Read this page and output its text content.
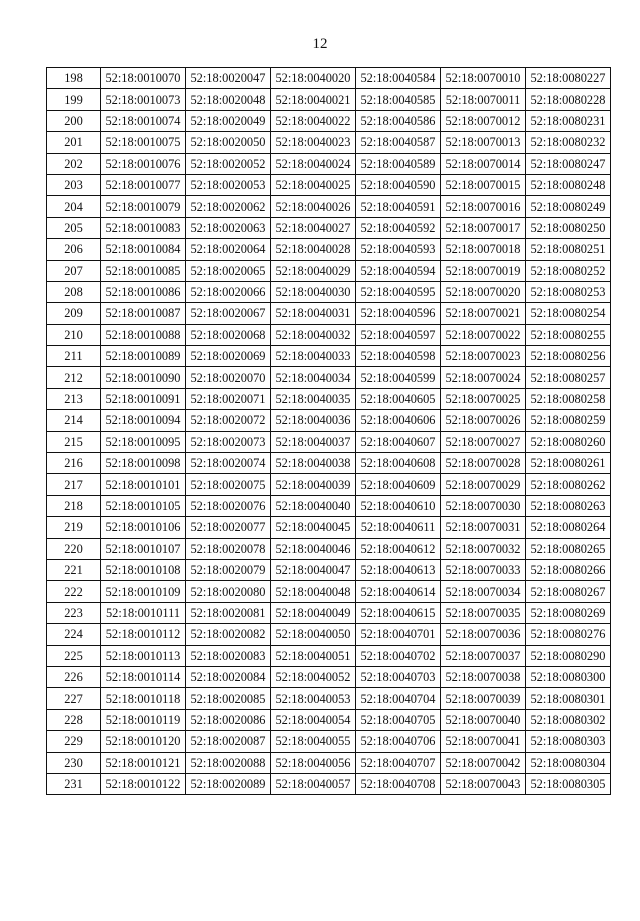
12
198	52:18:0010070	52:18:0020047	52:18:0040020	52:18:0040584	52:18:0070010	52:18:0080227
199	52:18:0010073	52:18:0020048	52:18:0040021	52:18:0040585	52:18:0070011	52:18:0080228
200	52:18:0010074	52:18:0020049	52:18:0040022	52:18:0040586	52:18:0070012	52:18:0080231
201	52:18:0010075	52:18:0020050	52:18:0040023	52:18:0040587	52:18:0070013	52:18:0080232
202	52:18:0010076	52:18:0020052	52:18:0040024	52:18:0040589	52:18:0070014	52:18:0080247
203	52:18:0010077	52:18:0020053	52:18:0040025	52:18:0040590	52:18:0070015	52:18:0080248
204	52:18:0010079	52:18:0020062	52:18:0040026	52:18:0040591	52:18:0070016	52:18:0080249
205	52:18:0010083	52:18:0020063	52:18:0040027	52:18:0040592	52:18:0070017	52:18:0080250
206	52:18:0010084	52:18:0020064	52:18:0040028	52:18:0040593	52:18:0070018	52:18:0080251
207	52:18:0010085	52:18:0020065	52:18:0040029	52:18:0040594	52:18:0070019	52:18:0080252
208	52:18:0010086	52:18:0020066	52:18:0040030	52:18:0040595	52:18:0070020	52:18:0080253
209	52:18:0010087	52:18:0020067	52:18:0040031	52:18:0040596	52:18:0070021	52:18:0080254
210	52:18:0010088	52:18:0020068	52:18:0040032	52:18:0040597	52:18:0070022	52:18:0080255
211	52:18:0010089	52:18:0020069	52:18:0040033	52:18:0040598	52:18:0070023	52:18:0080256
212	52:18:0010090	52:18:0020070	52:18:0040034	52:18:0040599	52:18:0070024	52:18:0080257
213	52:18:0010091	52:18:0020071	52:18:0040035	52:18:0040605	52:18:0070025	52:18:0080258
214	52:18:0010094	52:18:0020072	52:18:0040036	52:18:0040606	52:18:0070026	52:18:0080259
215	52:18:0010095	52:18:0020073	52:18:0040037	52:18:0040607	52:18:0070027	52:18:0080260
216	52:18:0010098	52:18:0020074	52:18:0040038	52:18:0040608	52:18:0070028	52:18:0080261
217	52:18:0010101	52:18:0020075	52:18:0040039	52:18:0040609	52:18:0070029	52:18:0080262
218	52:18:0010105	52:18:0020076	52:18:0040040	52:18:0040610	52:18:0070030	52:18:0080263
219	52:18:0010106	52:18:0020077	52:18:0040045	52:18:0040611	52:18:0070031	52:18:0080264
220	52:18:0010107	52:18:0020078	52:18:0040046	52:18:0040612	52:18:0070032	52:18:0080265
221	52:18:0010108	52:18:0020079	52:18:0040047	52:18:0040613	52:18:0070033	52:18:0080266
222	52:18:0010109	52:18:0020080	52:18:0040048	52:18:0040614	52:18:0070034	52:18:0080267
223	52:18:0010111	52:18:0020081	52:18:0040049	52:18:0040615	52:18:0070035	52:18:0080269
224	52:18:0010112	52:18:0020082	52:18:0040050	52:18:0040701	52:18:0070036	52:18:0080276
225	52:18:0010113	52:18:0020083	52:18:0040051	52:18:0040702	52:18:0070037	52:18:0080290
226	52:18:0010114	52:18:0020084	52:18:0040052	52:18:0040703	52:18:0070038	52:18:0080300
227	52:18:0010118	52:18:0020085	52:18:0040053	52:18:0040704	52:18:0070039	52:18:0080301
228	52:18:0010119	52:18:0020086	52:18:0040054	52:18:0040705	52:18:0070040	52:18:0080302
229	52:18:0010120	52:18:0020087	52:18:0040055	52:18:0040706	52:18:0070041	52:18:0080303
230	52:18:0010121	52:18:0020088	52:18:0040056	52:18:0040707	52:18:0070042	52:18:0080304
231	52:18:0010122	52:18:0020089	52:18:0040057	52:18:0040708	52:18:0070043	52:18:0080305
